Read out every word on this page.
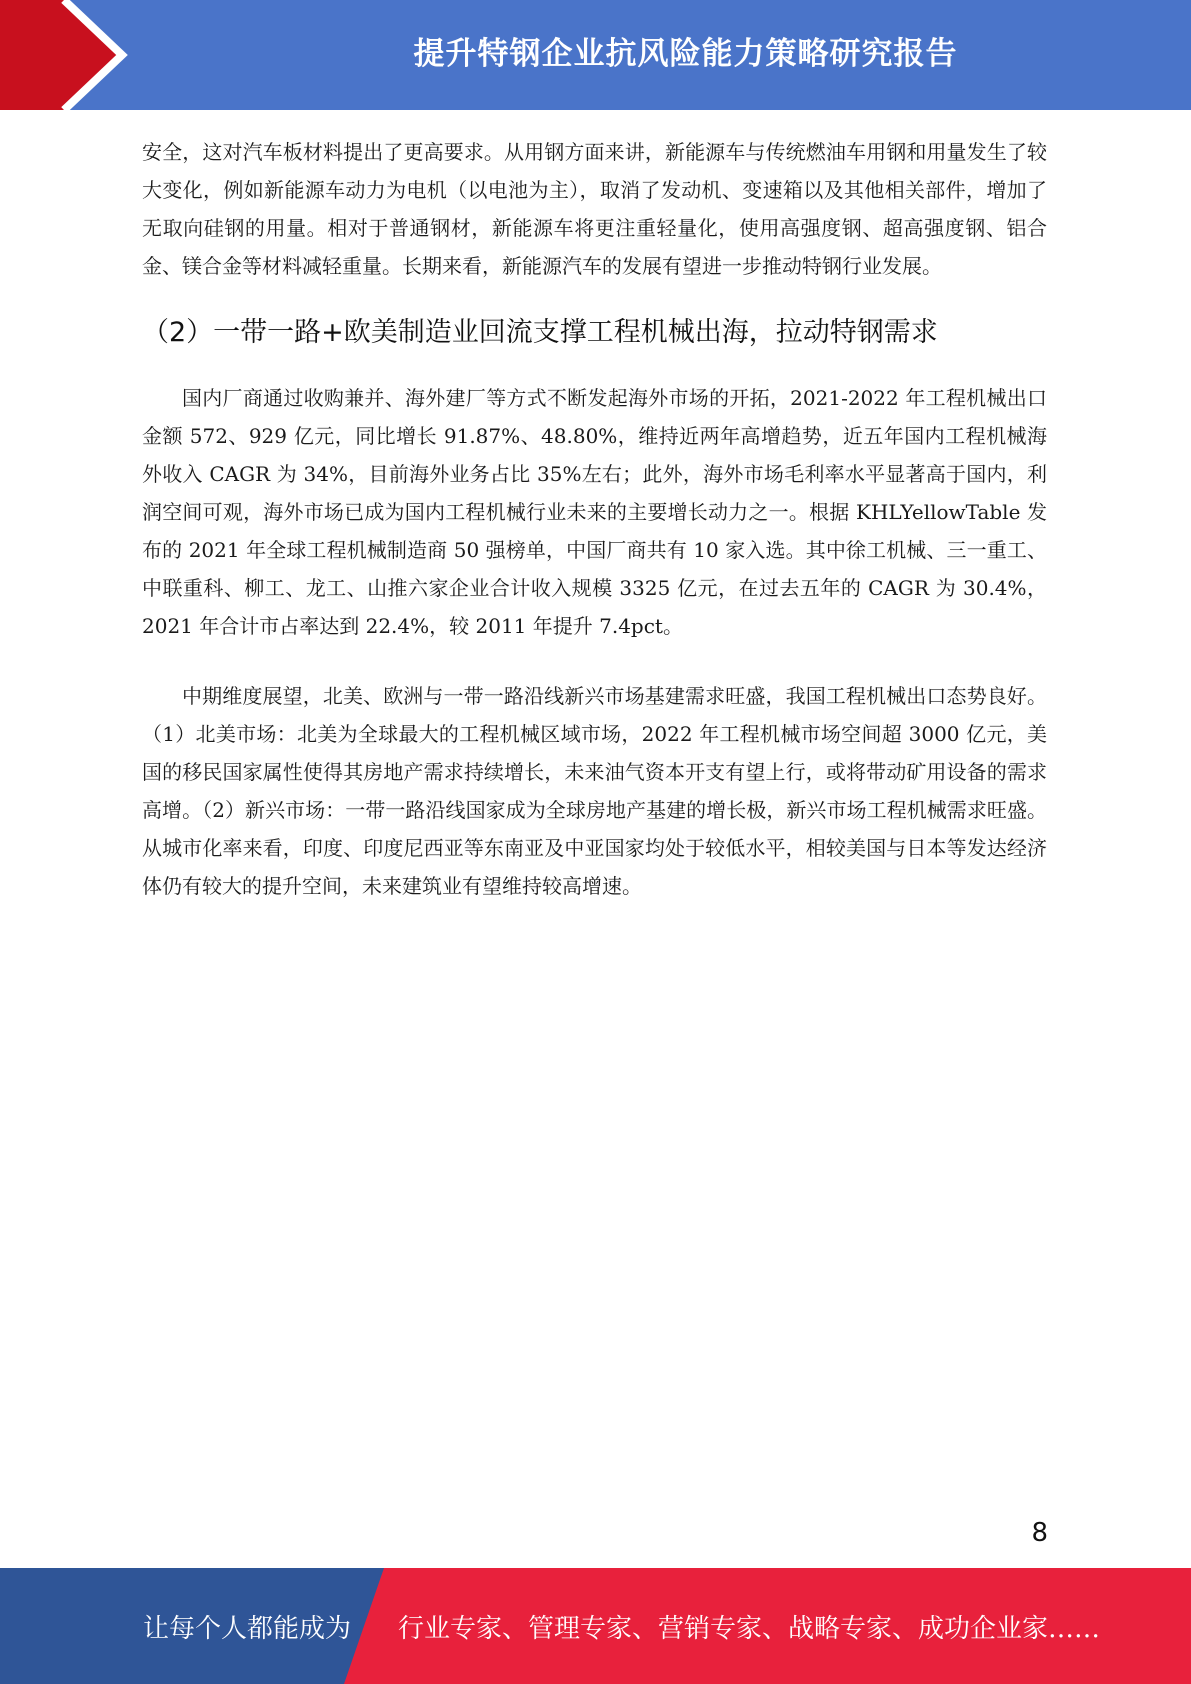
提升特钢企业抗风险能力策略研究报告

安全，这对汽车板材料提出了更高要求。从用钢方面来讲，新能源车与传统燃油车用钢和用量发生了较大变化，例如新能源车动力为电机（以电池为主），取消了发动机、变速箱以及其他相关部件，增加了无取向硅钢的用量。相对于普通钢材，新能源车将更注重轻量化，使用高强度钢、超高强度钢、铝合金、镁合金等材料减轻重量。长期来看，新能源汽车的发展有望进一步推动特钢行业发展。

（2）一带一路+欧美制造业回流支撑工程机械出海，拉动特钢需求

国内厂商通过收购兼并、海外建厂等方式不断发起海外市场的开拓，2021-2022 年工程机械出口金额 572、929 亿元，同比增长 91.87%、48.80%，维持近两年高增趋势，近五年国内工程机械海外收入 CAGR 为 34%，目前海外业务占比 35%左右；此外，海外市场毛利率水平显著高于国内，利润空间可观，海外市场已成为国内工程机械行业未来的主要增长动力之一。根据 KHLYellowTable 发布的 2021 年全球工程机械制造商 50 强榜单，中国厂商共有 10 家入选。其中徐工机械、三一重工、中联重科、柳工、龙工、山推六家企业合计收入规模 3325 亿元，在过去五年的 CAGR 为 30.4%，2021 年合计市占率达到 22.4%，较 2011 年提升 7.4pct。

中期维度展望，北美、欧洲与一带一路沿线新兴市场基建需求旺盛，我国工程机械出口态势良好。（1）北美市场：北美为全球最大的工程机械区域市场，2022 年工程机械市场空间超 3000 亿元，美国的移民国家属性使得其房地产需求持续增长，未来油气资本开支有望上行，或将带动矿用设备的需求高增。（2）新兴市场：一带一路沿线国家成为全球房地产基建的增长极，新兴市场工程机械需求旺盛。从城市化率来看，印度、印度尼西亚等东南亚及中亚国家均处于较低水平，相较美国与日本等发达经济体仍有较大的提升空间，未来建筑业有望维持较高增速。

8
让每个人都能成为 行业专家、管理专家、营销专家、战略专家、成功企业家……
